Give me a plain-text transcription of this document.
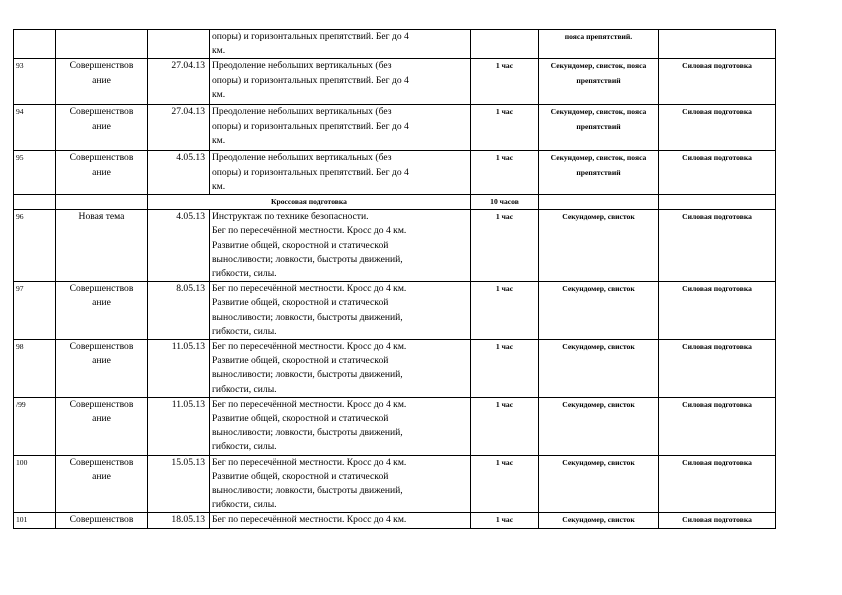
			опоры) и горизонтальных препятствий. Бег до 4
км.		пояса препятствий.	
93	Совершенствов
ание	27.04.13	Преодоление небольших вертикальных (без
опоры) и горизонтальных препятствий. Бег до 4
км.	1 час	Секундомер, свисток, пояса препятствий	Силовая подготовка
94	Совершенствов
ание	27.04.13	Преодоление небольших вертикальных (без
опоры) и горизонтальных препятствий. Бег до 4
км.	1 час	Секундомер, свисток, пояса препятствий	Силовая подготовка
95	Совершенствов
ание	4.05.13	Преодоление небольших вертикальных (без
опоры) и горизонтальных препятствий. Бег до 4
км.	1 час	Секундомер, свисток, пояса препятствий	Силовая подготовка
		Кроссовая подготовка		10 часов		
96	Новая тема	4.05.13	Инструктаж по технике безопасности.
Бег по пересечённой местности. Кросс до 4 км.
Развитие общей, скоростной и статической
выносливости; ловкости, быстроты движений,
гибкости, силы.	1 час	Секундомер, свисток	Силовая подготовка
97	Совершенствов
ание	8.05.13	Бег по пересечённой местности. Кросс до 4 км.
Развитие общей, скоростной и статической
выносливости; ловкости, быстроты движений,
гибкости, силы.	1 час	Секундомер, свисток	Силовая подготовка
98	Совершенствов
ание	11.05.13	Бег по пересечённой местности. Кросс до 4 км.
Развитие общей, скоростной и статической
выносливости; ловкости, быстроты движений,
гибкости, силы.	1 час	Секундомер, свисток	Силовая подготовка
/99	Совершенствов
ание	11.05.13	Бег по пересечённой местности. Кросс до 4 км.
Развитие общей, скоростной и статической
выносливости; ловкости, быстроты движений,
гибкости, силы.	1 час	Секундомер, свисток	Силовая подготовка
100	Совершенствов
ание	15.05.13	Бег по пересечённой местности. Кросс до 4 км.
Развитие общей, скоростной и статической
выносливости; ловкости, быстроты движений,
гибкости, силы.	1 час	Секундомер, свисток	Силовая подготовка
101	Совершенствов	18.05.13	Бег по пересечённой местности. Кросс до 4 км.	1 час	Секундомер, свисток	Силовая подготовка
